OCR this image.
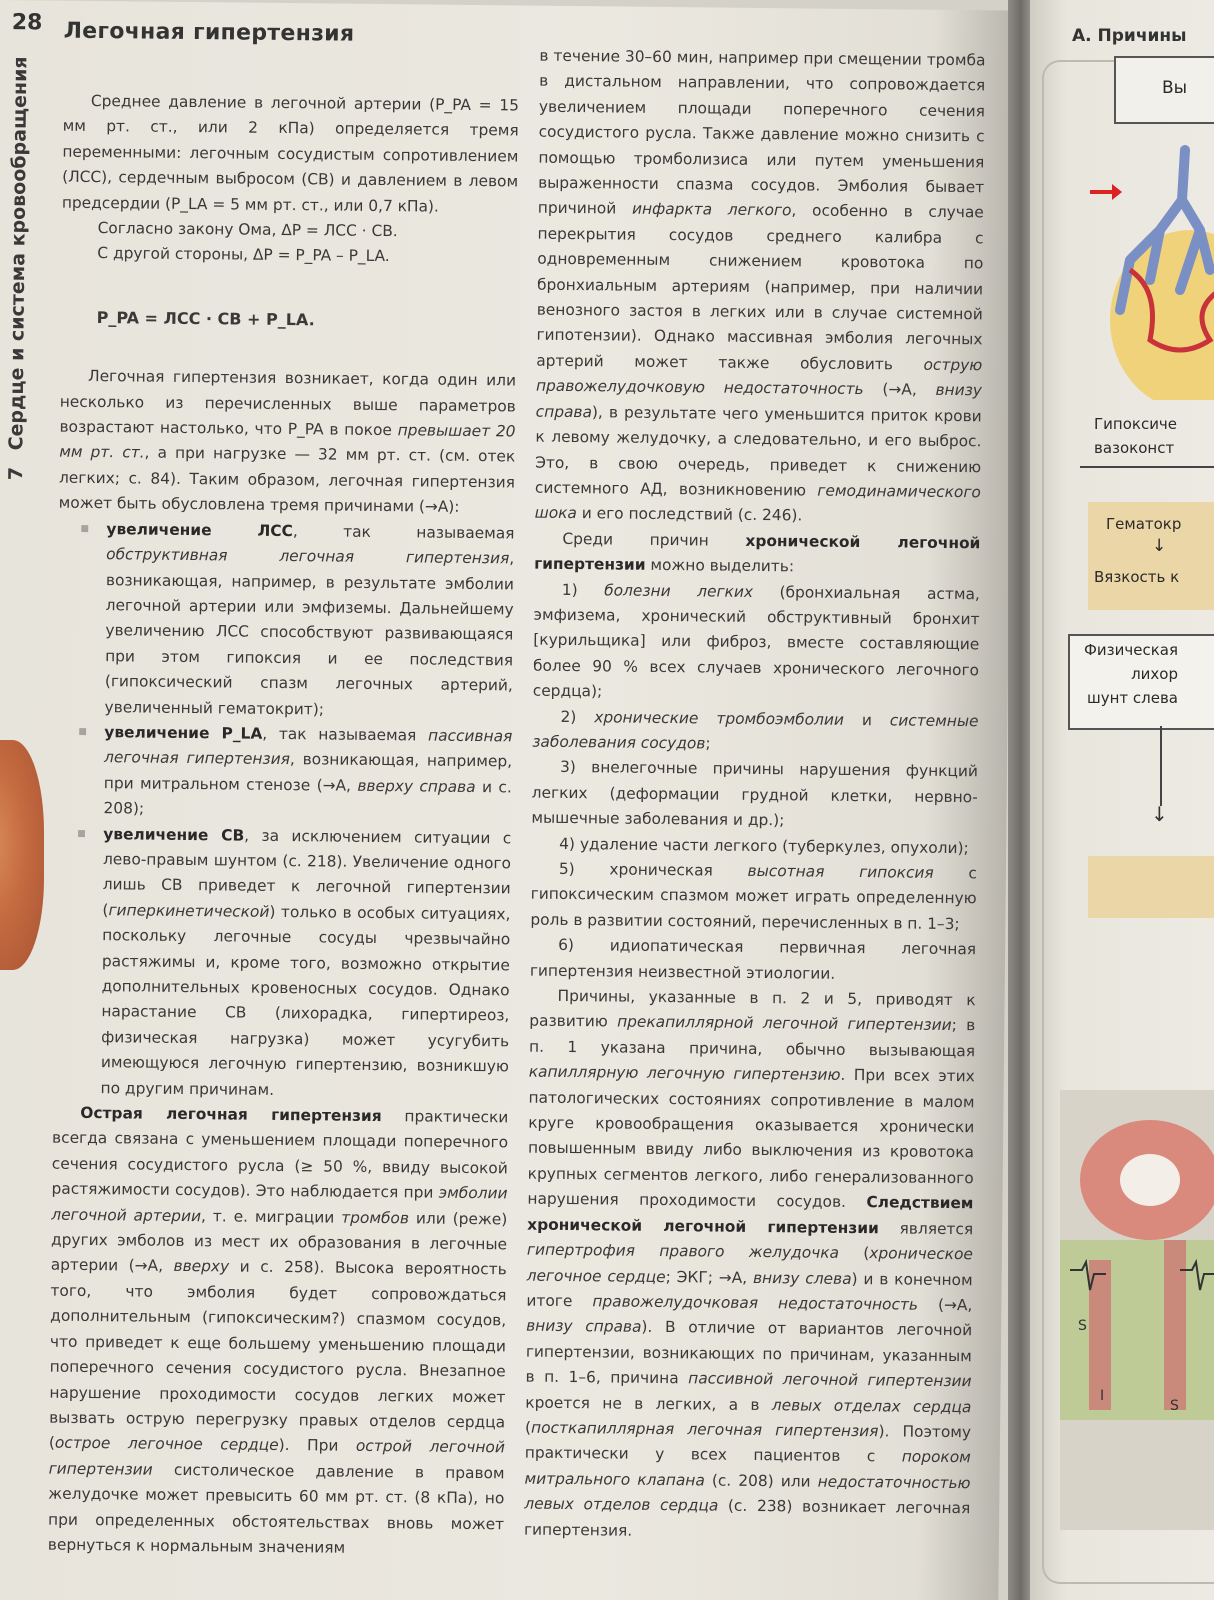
28 Легочная гипертензия
7 Сердце и система кровообращения	Среднее давление в легочной артерии (P_PA = 15 мм рт. ст., или 2 кПа) определяется тремя переменными: легочным сосудистым сопротивлением (ЛСС), сердечным выбросом (СВ) и давлением в левом предсердии (P_LA = 5 мм рт. ст., или 0,7 кПа).

Согласно закону Ома, ΔP = ЛСС · СВ.

С другой стороны, ΔP = P_PA – P_LA.

P_PA = ЛСС · СВ + P_LA.

Легочная гипертензия возникает, когда один или несколько из перечисленных выше параметров возрастают настолько, что P_PA в покое превышает 20 мм рт. ст., а при нагрузке — 32 мм рт. ст. (см. отек легких; с. 84). Таким образом, легочная гипертензия может быть обусловлена тремя причинами (→A):

■ увеличение ЛСС, так называемая обструктивная легочная гипертензия, возникающая, например, в результате эмболии легочной артерии или эмфиземы. Дальнейшему увеличению ЛСС способствуют развивающаяся при этом гипоксия и ее последствия (гипоксический спазм легочных артерий, увеличенный гематокрит);

■ увеличение P_LA, так называемая пассивная легочная гипертензия, возникающая, например, при митральном стенозе (→A, вверху справа и с. 208);

■ увеличение СВ, за исключением ситуации с лево-правым шунтом (с. 218). Увеличение одного лишь СВ приведет к легочной гипертензии (гиперкинетической) только в особых ситуациях, поскольку легочные сосуды чрезвычайно растяжимы и, кроме того, возможно открытие дополнительных кровеносных сосудов. Однако нарастание СВ (лихорадка, гипертиреоз, физическая нагрузка) может усугубить имеющуюся легочную гипертензию, возникшую по другим причинам.

Острая легочная гипертензия практически всегда связана с уменьшением площади поперечного сечения сосудистого русла (≥ 50 %, ввиду высокой растяжимости сосудов). Это наблюдается при эмболии легочной артерии, т. е. миграции тромбов или (реже) других эмболов из мест их образования в легочные артерии (→A, вверху и с. 258). Высока вероятность того, что эмболия будет сопровождаться дополнительным (гипоксическим?) спазмом сосудов, что приведет к еще большему уменьшению площади поперечного сечения сосудистого русла. Внезапное нарушение проходимости сосудов легких может вызвать острую перегрузку правых отделов сердца (острое легочное сердце). При острой легочной гипертензии систолическое давление в правом желудочке может превысить 60 мм рт. ст. (8 кПа), но при определенных обстоятельствах вновь может вернуться к нормальным значениям

в течение 30–60 мин, например при смещении тромба в дистальном направлении, что сопровождается увеличением площади поперечного сечения сосудистого русла. Также давление можно снизить с помощью тромболизиса или путем уменьшения выраженности спазма сосудов. Эмболия бывает причиной инфаркта легкого, особенно в случае перекрытия сосудов среднего калибра с одновременным снижением кровотока по бронхиальным артериям (например, при наличии венозного застоя в легких или в случае системной гипотензии). Однако массивная эмболия легочных артерий может также обусловить острую правожелудочковую недостаточность (→A, внизу справа), в результате чего уменьшится приток крови к левому желудочку, а следовательно, и его выброс. Это, в свою очередь, приведет к снижению системного АД, возникновению гемодинамического шока и его последствий (с. 246).

Среди причин хронической легочной гипертензии можно выделить:

1) болезни легких (бронхиальная астма, эмфизема, хронический обструктивный бронхит [курильщика] или фиброз, вместе составляющие более 90 % всех случаев хронического легочного сердца);

2) хронические тромбоэмболии и системные заболевания сосудов;

3) внелегочные причины нарушения функций легких (деформации грудной клетки, нервно-мышечные заболевания и др.);

4) удаление части легкого (туберкулез, опухоли);

5) хроническая высотная гипоксия с гипоксическим спазмом может играть определенную роль в развитии состояний, перечисленных в п. 1–3;

6) идиопатическая первичная легочная гипертензия неизвестной этиологии.

Причины, указанные в п. 2 и 5, приводят к развитию прекапиллярной легочной гипертензии; в п. 1 указана причина, обычно вызывающая капиллярную легочную гипертензию. При всех этих патологических состояниях сопротивление в малом круге кровообращения оказывается хронически повышенным ввиду либо выключения из кровотока крупных сегментов легкого, либо генерализованного нарушения проходимости сосудов. Следствием хронической легочной гипертензии является гипертрофия правого желудочка (хроническое легочное сердце; ЭКГ; →A, внизу слева) и в конечном итоге правожелудочковая недостаточность (→A, внизу справа). В отличие от вариантов легочной гипертензии, возникающих по причинам, указанным в п. 1–6, причина пассивной легочной гипертензии кроется не в легких, а в левых отделах сердца (посткапиллярная легочная гипертензия). Поэтому практически у всех пациентов с пороком митрального клапана (с. 208) или недостаточностью левых отделов сердца (с. 238) возникает легочная гипертензия.

А. Причины
Вы
Гипоксиче
вазоконст
Гематокр
↓
Вязкость к
Физическая
лихор
шунт слева
↓
S
I
S
